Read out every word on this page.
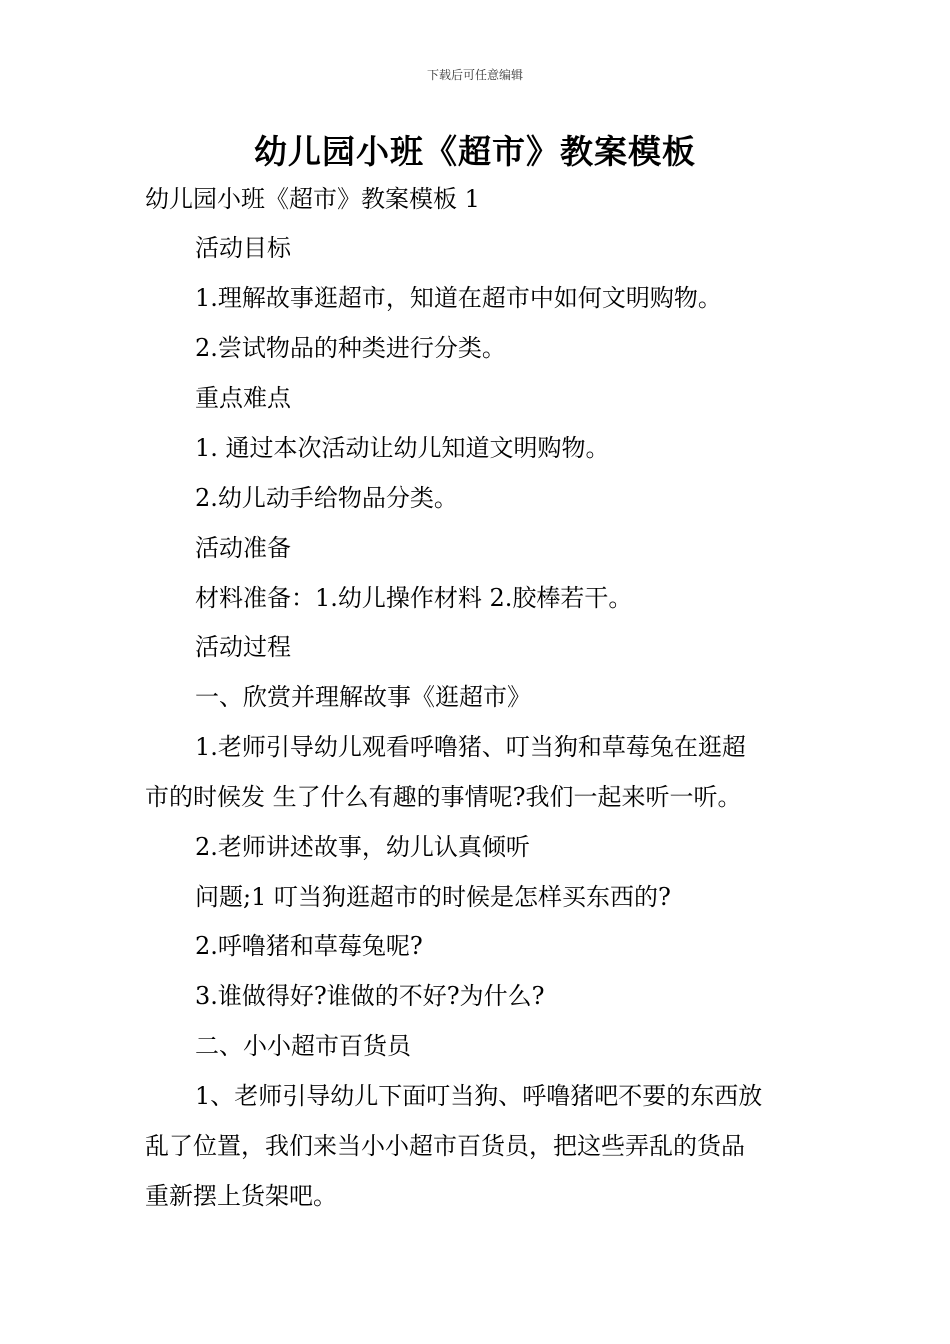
下载后可任意编辑
幼儿园小班《超市》教案模板
幼儿园小班《超市》教案模板 1
活动目标
1.理解故事逛超市，知道在超市中如何文明购物。
2.尝试物品的种类进行分类。
重点难点
1. 通过本次活动让幼儿知道文明购物。
2.幼儿动手给物品分类。
活动准备
材料准备：1.幼儿操作材料 2.胶棒若干。
活动过程
一、欣赏并理解故事《逛超市》
1.老师引导幼儿观看呼噜猪、叮当狗和草莓兔在逛超
市的时候发 生了什么有趣的事情呢?我们一起来听一听。
2.老师讲述故事，幼儿认真倾听
问题;1 叮当狗逛超市的时候是怎样买东西的?
2.呼噜猪和草莓兔呢?
3.谁做得好?谁做的不好?为什么?
二、小小超市百货员
1、老师引导幼儿下面叮当狗、呼噜猪吧不要的东西放
乱了位置，我们来当小小超市百货员，把这些弄乱的货品
重新摆上货架吧。
